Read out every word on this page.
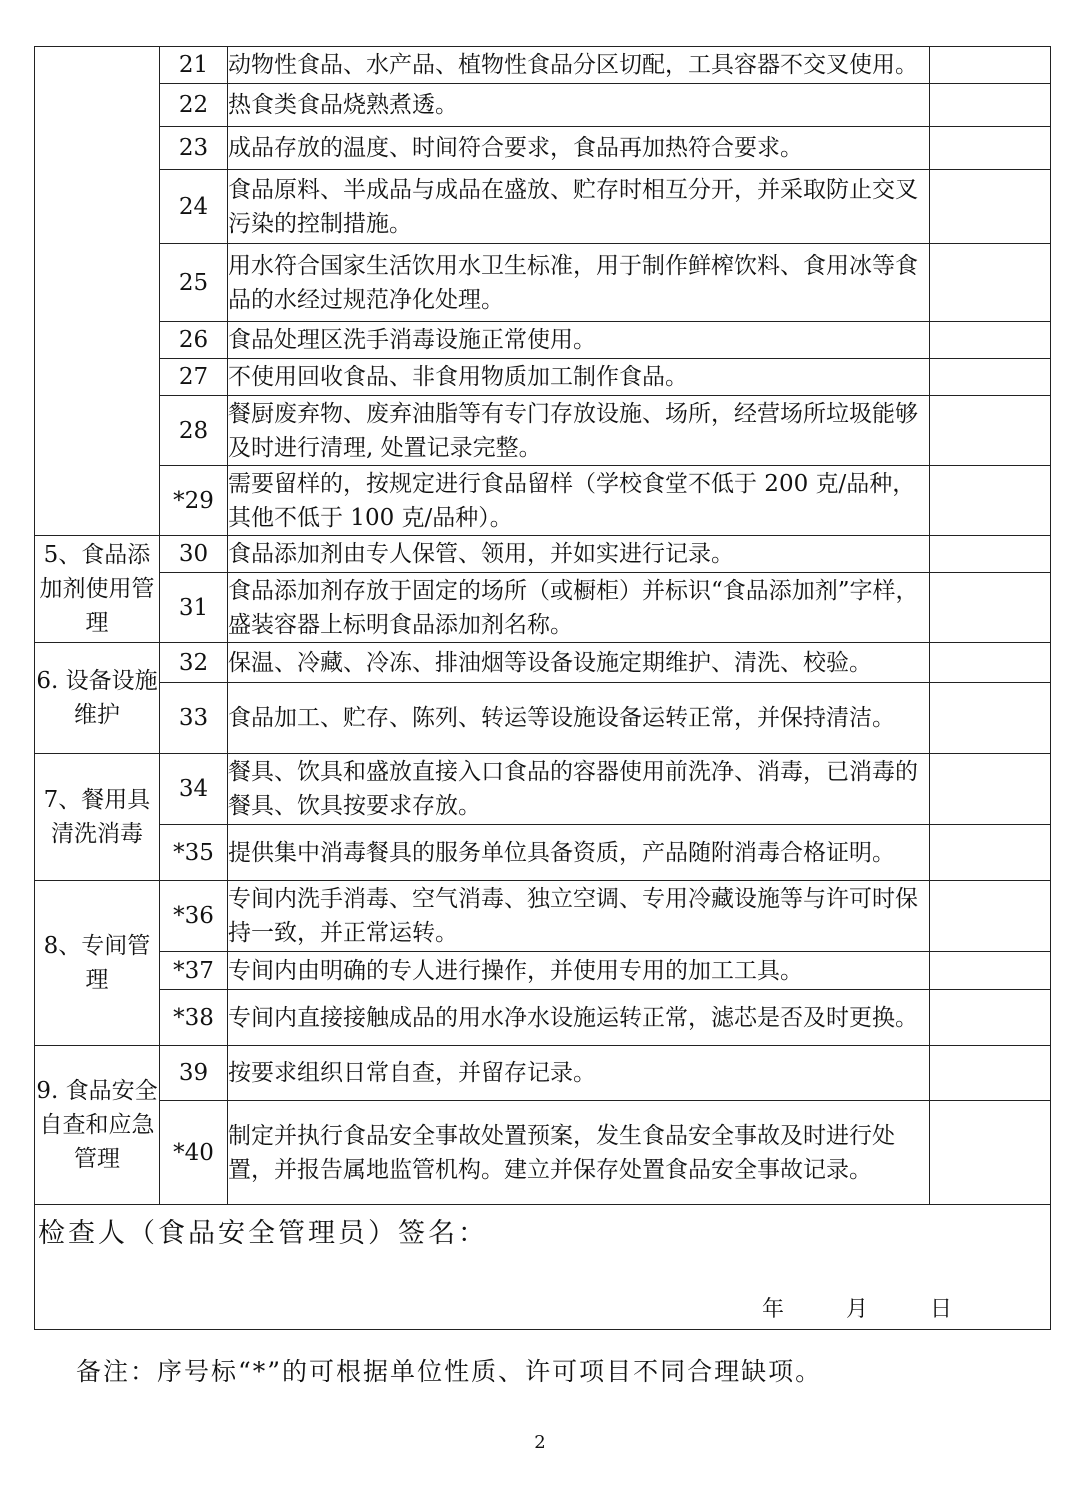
	21	动物性食品、水产品、植物性食品分区切配，工具容器不交叉使用。	
	22	热食类食品烧熟煮透。	
	23	成品存放的温度、时间符合要求，食品再加热符合要求。	
	24	食品原料、半成品与成品在盛放、贮存时相互分开，并采取防止交叉污染的控制措施。	
	25	用水符合国家生活饮用水卫生标准，用于制作鲜榨饮料、食用冰等食品的水经过规范净化处理。	
	26	食品处理区洗手消毒设施正常使用。	
	27	不使用回收食品、非食用物质加工制作食品。	
	28	餐厨废弃物、废弃油脂等有专门存放设施、场所，经营场所垃圾能够及时进行清理, 处置记录完整。	
	*29	需要留样的，按规定进行食品留样（学校食堂不低于 200 克/品种，其他不低于 100 克/品种）。	
5、食品添加剂使用管理	30	食品添加剂由专人保管、领用，并如实进行记录。	
	31	食品添加剂存放于固定的场所（或橱柜）并标识“食品添加剂”字样，盛装容器上标明食品添加剂名称。	
6. 设备设施维护	32	保温、冷藏、冷冻、排油烟等设备设施定期维护、清洗、校验。	
	33	食品加工、贮存、陈列、转运等设施设备运转正常，并保持清洁。	
7、餐用具清洗消毒	34	餐具、饮具和盛放直接入口食品的容器使用前洗净、消毒，已消毒的餐具、饮具按要求存放。	
	*35	提供集中消毒餐具的服务单位具备资质，产品随附消毒合格证明。	
8、专间管理	*36	专间内洗手消毒、空气消毒、独立空调、专用冷藏设施等与许可时保持一致，并正常运转。	
	*37	专间内由明确的专人进行操作，并使用专用的加工工具。	
	*38	专间内直接接触成品的用水净水设施运转正常，滤芯是否及时更换。	
9. 食品安全自查和应急管理	39	按要求组织日常自查，并留存记录。	
	*40	制定并执行食品安全事故处置预案，发生食品安全事故及时进行处置，并报告属地监管机构。建立并保存处置食品安全事故记录。	

检查人（食品安全管理员）签名：
年 月 日			
备注：序号标“*”的可根据单位性质、许可项目不同合理缺项。
2
